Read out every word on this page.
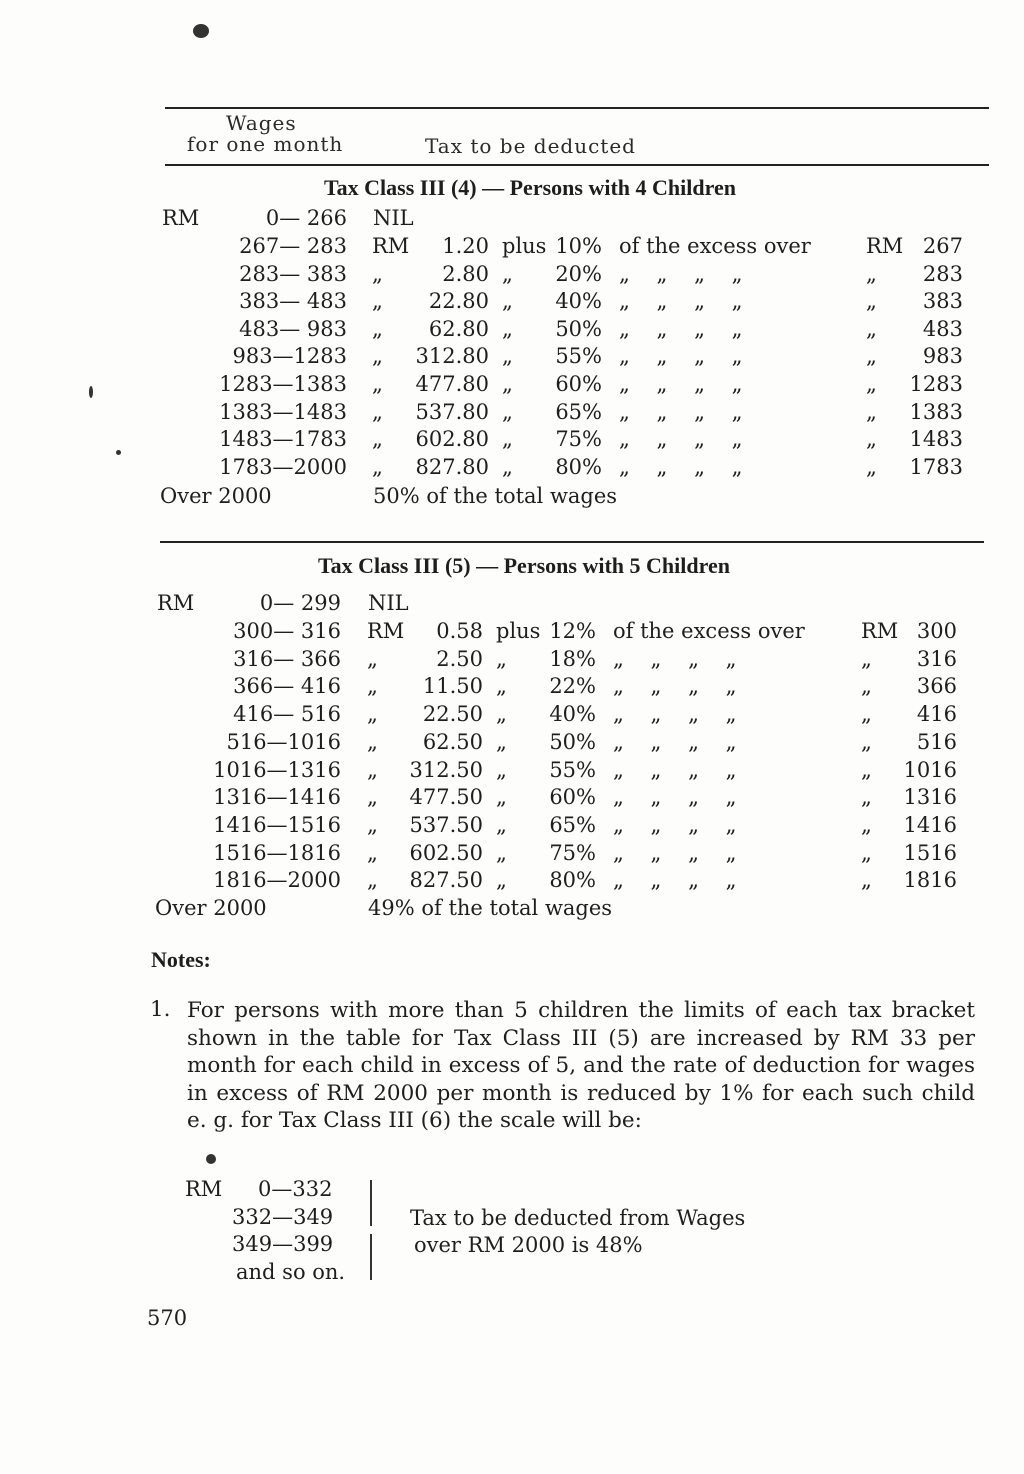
Wages
for one month	Tax to be deducted
Tax Class III (4) — Persons with 4 Children
RM	0— 266 NIL
267— 283 RM 1.20 plus 10% of the excess over	RM 267
283— 383 „	2.80 „ 20% „ „ „ „	„ 283
383— 483 „ 22.80 „ 40% „ „ „ „	„ 383
483— 983 „ 62.80 „ 50% „ „ „ „	„ 483
983—1283 „ 312.80 „ 55% „ „ „ „	„ 983
1283—1383 „ 477.80 „ 60% „ „ „ „	„ 1283
1383—1483 „ 537.80 „ 65% „ „ „ „	„ 1383
1483—1783 „ 602.80 „ 75% „ „ „ „	„ 1483
1783—2000 „ 827.80 „ 80% „ „ „ „	„ 1783
Over 2000	50% of the total wages
Tax Class III (5) — Persons with 5 Children
RM	0— 299 NIL
300— 316 RM 0.58 plus 12% of the excess over	RM 300
316— 366 „	2.50 „ 18% „ „ „ „	„ 316
366— 416 „ 11.50 „ 22% „ „ „ „	„ 366
416— 516 „ 22.50 „ 40% „ „ „ „	„ 416
516—1016 „ 62.50 „ 50% „ „ „ „	„ 516
1016—1316 „ 312.50 „ 55% „ „ „ „	„ 1016
1316—1416 „ 477.50 „ 60% „ „ „ „	„ 1316
1416—1516 „ 537.50 „ 65% „ „ „ „	„ 1416
1516—1816 „ 602.50 „ 75% „ „ „ „	„ 1516
1816—2000 „ 827.50 „ 80% „ „ „ „	„ 1816
Over 2000	49% of the total wages
Notes:
1. For persons with more than 5 children the limits of each tax bracket shown in the table for Tax Class III (5) are increased by RM 33 per month for each child in excess of 5, and the rate of deduction for wages in excess of RM 2000 per month is reduced by 1% for each such child e. g. for Tax Class III (6) the scale will be:
RM 0—332
332—349
349—399
and so on.
Tax to be deducted from Wages
over RM 2000 is 48%
570
